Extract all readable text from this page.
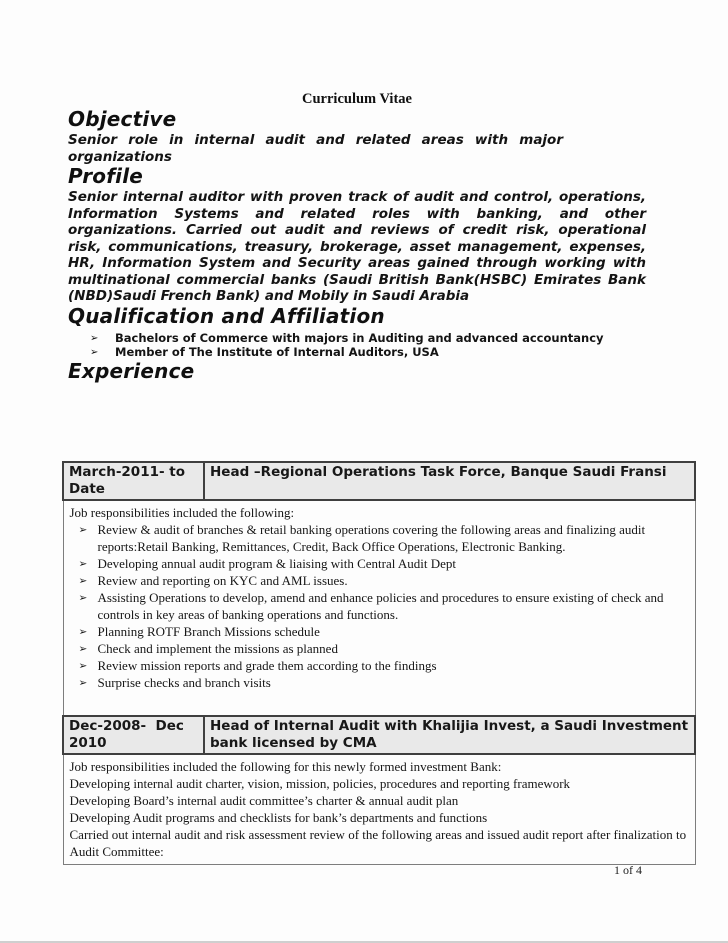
Curriculum Vitae
Objective

Senior role in internal audit and related areas with major organizations

Profile

Senior internal auditor with proven track of audit and control, operations, Information Systems and related roles with banking, and other organizations. Carried out audit and reviews of credit risk, operational risk, communications, treasury, brokerage, asset management, expenses, HR, Information System and Security areas gained through working with multinational commercial banks (Saudi British Bank(HSBC) Emirates Bank (NBD)Saudi French Bank) and Mobily in Saudi Arabia

Qualification and Affiliation
➢ Bachelors of Commerce with majors in Auditing and advanced accountancy
➢ Member of The Institute of Internal Auditors, USA
Experience
March-2011- to Date	Head –Regional Operations Task Force, Banque Saudi Fransi

Job responsibilities included the following:
➢ Review & audit of branches & retail banking operations covering the following areas and finalizing audit reports:Retail Banking, Remittances, Credit, Back Office Operations, Electronic Banking.
➢ Developing annual audit program & liaising with Central Audit Dept
➢ Review and reporting on KYC and AML issues.
➢ Assisting Operations to develop, amend and enhance policies and procedures to ensure existing of check and controls in key areas of banking operations and functions.
➢ Planning ROTF Branch Missions schedule
➢ Check and implement the missions as planned
➢ Review mission reports and grade them according to the findings
➢ Surprise checks and branch visits

Dec-2008-  Dec 2010	Head of Internal Audit with Khalijia Invest, a Saudi Investment bank licensed by CMA

Job responsibilities included the following for this newly formed investment Bank:
Developing internal audit charter, vision, mission, policies, procedures and reporting framework
Developing Board’s internal audit committee’s charter & annual audit plan
Developing Audit programs and checklists for bank’s departments and functions
Carried out internal audit and risk assessment review of the following areas and issued audit report after finalization to Audit Committee:	
1 of 4
